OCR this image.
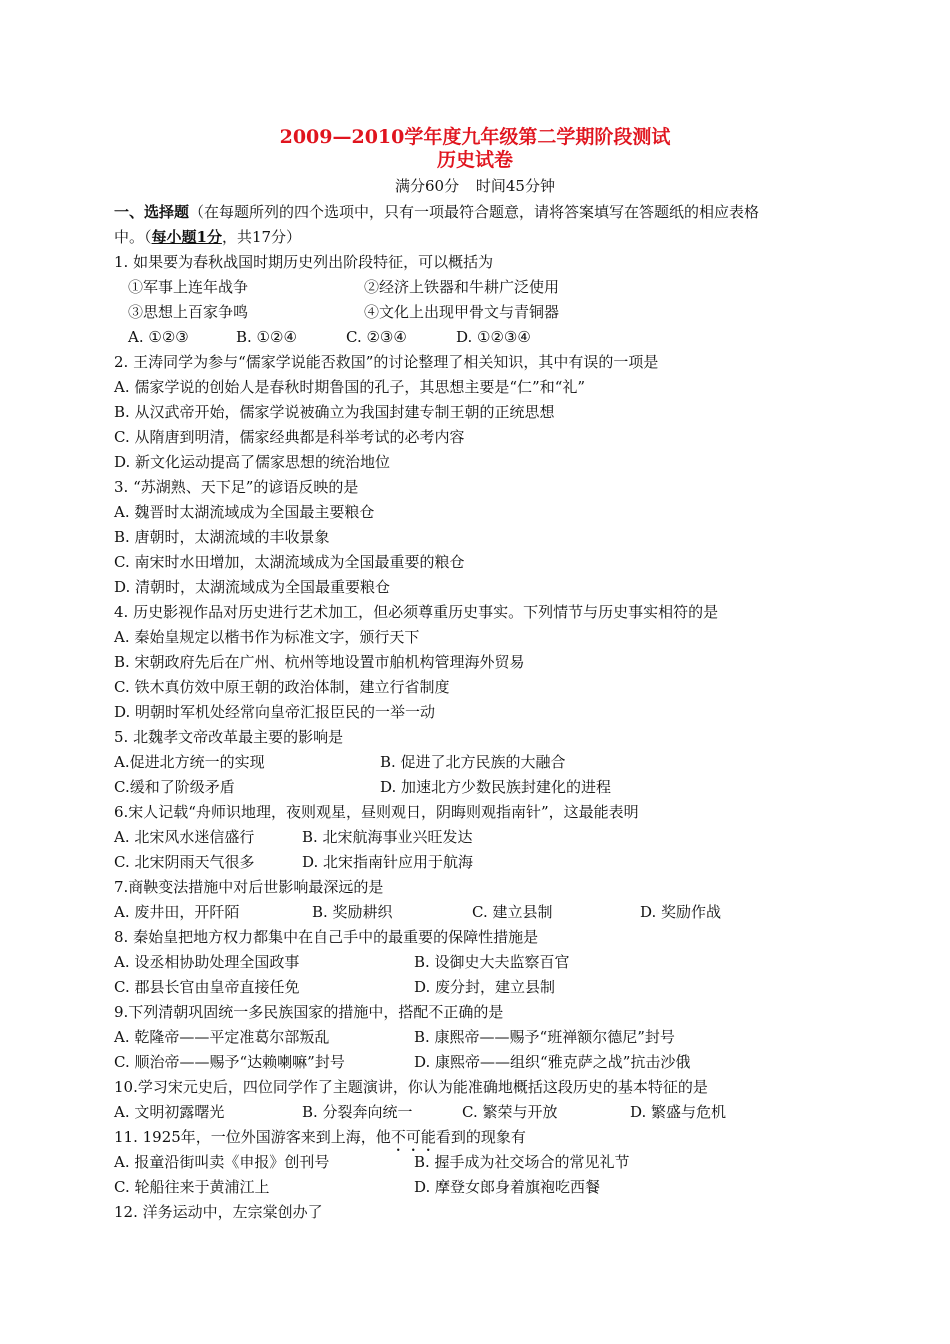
2009—2010学年度九年级第二学期阶段测试
历史试卷
满分60分 时间45分钟
一、选择题（在每题所列的四个选项中，只有一项最符合题意，请将答案填写在答题纸的相应表格
中。（每小题1分，共17分）
1. 如果要为春秋战国时期历史列出阶段特征，可以概括为
①军事上连年战争	②经济上铁器和牛耕广泛使用
③思想上百家争鸣	④文化上出现甲骨文与青铜器
A. ①②③	B. ①②④	C. ②③④	D. ①②③④
2. 王涛同学为参与“儒家学说能否救国”的讨论整理了相关知识，其中有误的一项是
A. 儒家学说的创始人是春秋时期鲁国的孔子，其思想主要是“仁”和“礼”
B. 从汉武帝开始，儒家学说被确立为我国封建专制王朝的正统思想
C. 从隋唐到明清，儒家经典都是科举考试的必考内容
D. 新文化运动提高了儒家思想的统治地位
3. “苏湖熟、天下足”的谚语反映的是
A. 魏晋时太湖流域成为全国最主要粮仓
B. 唐朝时，太湖流域的丰收景象
C. 南宋时水田增加，太湖流域成为全国最重要的粮仓
D. 清朝时，太湖流域成为全国最重要粮仓
4. 历史影视作品对历史进行艺术加工，但必须尊重历史事实。下列情节与历史事实相符的是
A. 秦始皇规定以楷书作为标准文字，颁行天下
B. 宋朝政府先后在广州、杭州等地设置市舶机构管理海外贸易
C. 铁木真仿效中原王朝的政治体制，建立行省制度
D. 明朝时军机处经常向皇帝汇报臣民的一举一动
5. 北魏孝文帝改革最主要的影响是
A.促进北方统一的实现	B. 促进了北方民族的大融合
C.缓和了阶级矛盾	D. 加速北方少数民族封建化的进程
6.宋人记载“舟师识地理，夜则观星，昼则观日，阴晦则观指南针”，这最能表明
A. 北宋风水迷信盛行	B. 北宋航海事业兴旺发达
C. 北宋阴雨天气很多	D. 北宋指南针应用于航海
7.商鞅变法措施中对后世影响最深远的是
A. 废井田，开阡陌	B. 奖励耕织	C. 建立县制	D. 奖励作战
8. 秦始皇把地方权力都集中在自己手中的最重要的保障性措施是
A. 设丞相协助处理全国政事	B. 设御史大夫监察百官
C. 郡县长官由皇帝直接任免	D. 废分封，建立县制
9.下列清朝巩固统一多民族国家的措施中，搭配不正确的是
A. 乾隆帝——平定准葛尔部叛乱	B. 康熙帝——赐予“班禅额尔德尼”封号
C. 顺治帝——赐予“达赖喇嘛”封号	D. 康熙帝——组织“雅克萨之战”抗击沙俄
10.学习宋元史后，四位同学作了主题演讲，你认为能准确地概括这段历史的基本特征的是
A. 文明初露曙光	B. 分裂奔向统一	C. 繁荣与开放	D. 繁盛与危机
11. 1925年，一位外国游客来到上海，他不可能看到的现象有
A. 报童沿街叫卖《申报》创刊号	B. 握手成为社交场合的常见礼节
C. 轮船往来于黄浦江上	D. 摩登女郎身着旗袍吃西餐
12. 洋务运动中，左宗棠创办了
